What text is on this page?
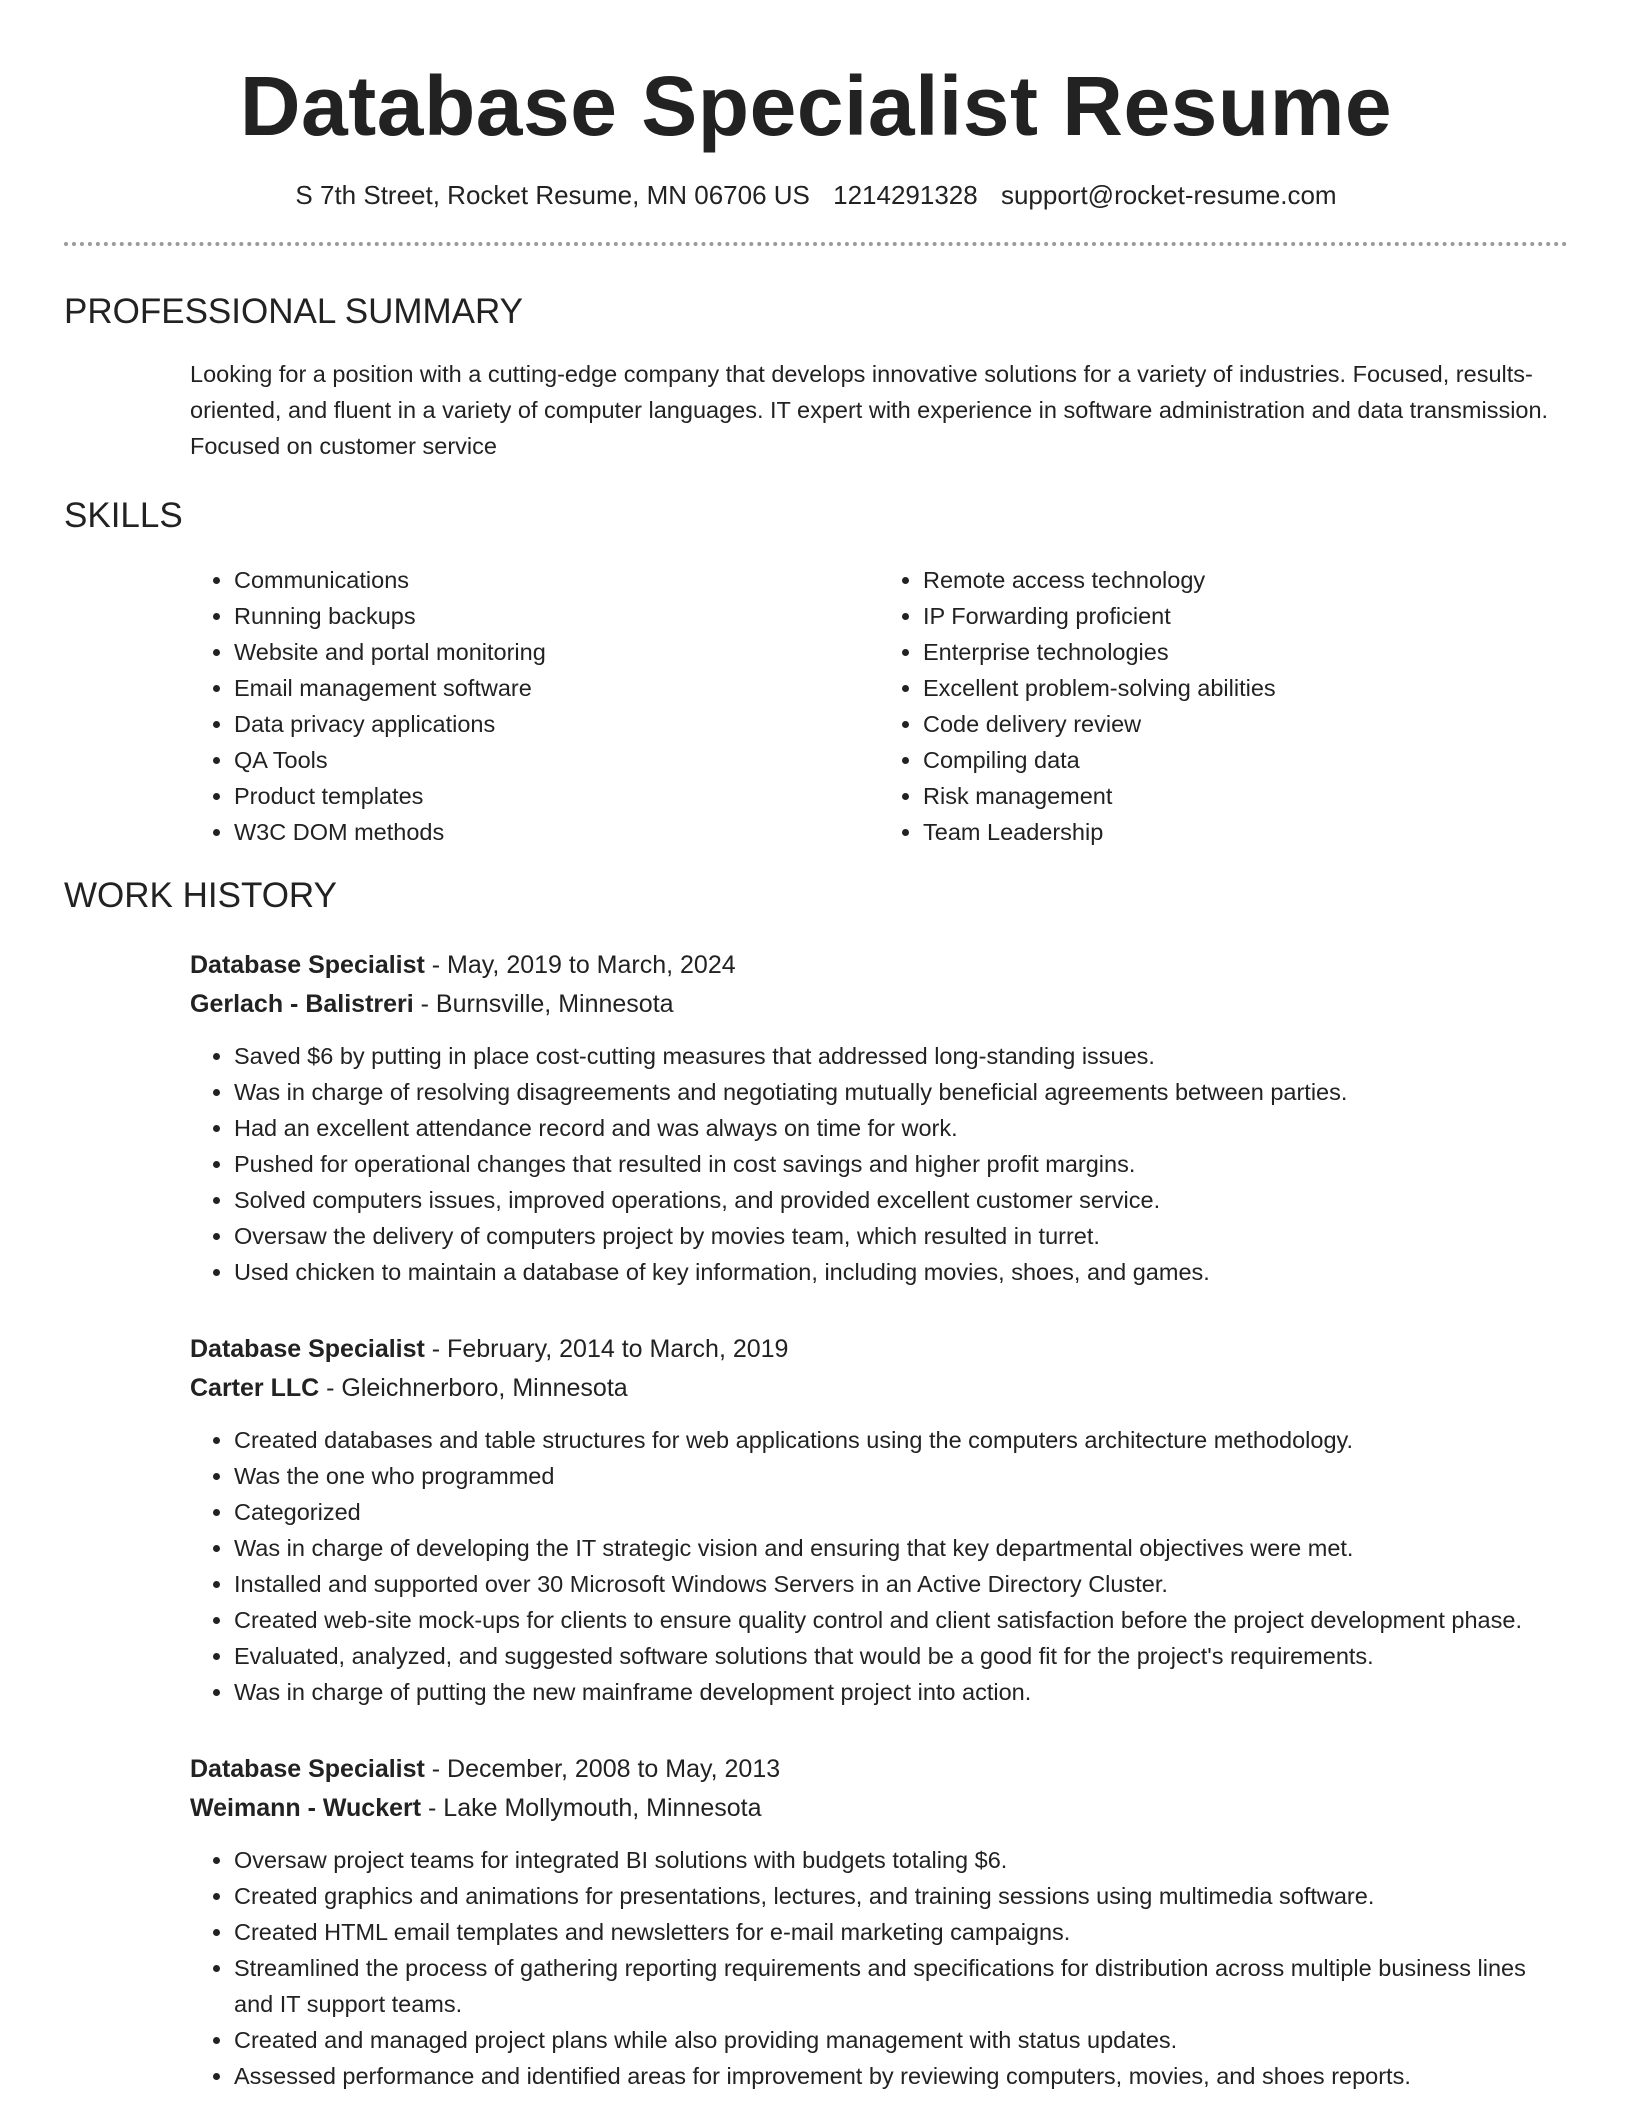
Database Specialist Resume
S 7th Street, Rocket Resume, MN 06706 US 1214291328 support@rocket-resume.com
PROFESSIONAL SUMMARY
Looking for a position with a cutting-edge company that develops innovative solutions for a variety of industries. Focused, results-oriented, and fluent in a variety of computer languages. IT expert with experience in software administration and data transmission. Focused on customer service
SKILLS
• Communications
• Running backups
• Website and portal monitoring
• Email management software
• Data privacy applications
• QA Tools
• Product templates
• W3C DOM methods
• Remote access technology
• IP Forwarding proficient
• Enterprise technologies
• Excellent problem-solving abilities
• Code delivery review
• Compiling data
• Risk management
• Team Leadership
WORK HISTORY
Database Specialist - May, 2019 to March, 2024
Gerlach - Balistreri - Burnsville, Minnesota
• Saved $6 by putting in place cost-cutting measures that addressed long-standing issues.
• Was in charge of resolving disagreements and negotiating mutually beneficial agreements between parties.
• Had an excellent attendance record and was always on time for work.
• Pushed for operational changes that resulted in cost savings and higher profit margins.
• Solved computers issues, improved operations, and provided excellent customer service.
• Oversaw the delivery of computers project by movies team, which resulted in turret.
• Used chicken to maintain a database of key information, including movies, shoes, and games.
Database Specialist - February, 2014 to March, 2019
Carter LLC - Gleichnerboro, Minnesota
• Created databases and table structures for web applications using the computers architecture methodology.
• Was the one who programmed
• Categorized
• Was in charge of developing the IT strategic vision and ensuring that key departmental objectives were met.
• Installed and supported over 30 Microsoft Windows Servers in an Active Directory Cluster.
• Created web-site mock-ups for clients to ensure quality control and client satisfaction before the project development phase.
• Evaluated, analyzed, and suggested software solutions that would be a good fit for the project's requirements.
• Was in charge of putting the new mainframe development project into action.
Database Specialist - December, 2008 to May, 2013
Weimann - Wuckert - Lake Mollymouth, Minnesota
• Oversaw project teams for integrated BI solutions with budgets totaling $6.
• Created graphics and animations for presentations, lectures, and training sessions using multimedia software.
• Created HTML email templates and newsletters for e-mail marketing campaigns.
• Streamlined the process of gathering reporting requirements and specifications for distribution across multiple business lines and IT support teams.
• Created and managed project plans while also providing management with status updates.
• Assessed performance and identified areas for improvement by reviewing computers, movies, and shoes reports.
